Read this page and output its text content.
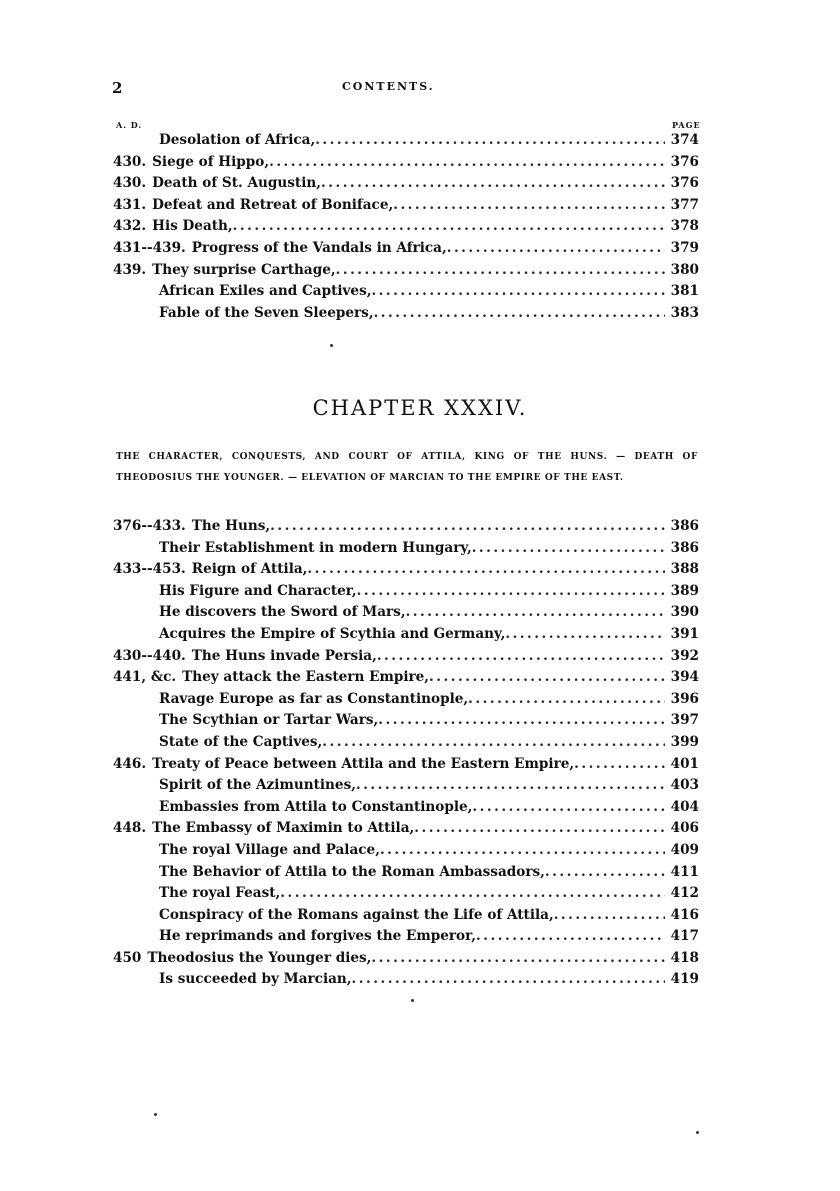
2	CONTENTS.
A. D.	PAGE
Desolation of Africa, .....	374
430. Siege of Hippo, .....	376
430. Death of St. Augustin, .....	376
431. Defeat and Retreat of Boniface, .....	377
432. His Death, .....	378
431--439. Progress of the Vandals in Africa, .....	379
439. They surprise Carthage, .....	380
African Exiles and Captives, .....	381
Fable of the Seven Sleepers, .....	383
CHAPTER XXXIV.
THE CHARACTER, CONQUESTS, AND COURT OF ATTILA, KING OF THE HUNS. — DEATH OF THEODOSIUS THE YOUNGER. — ELEVATION OF MARCIAN TO THE EMPIRE OF THE EAST.
376--433. The Huns, .....	386
Their Establishment in modern Hungary, .....	386
433--453. Reign of Attila, .....	388
His Figure and Character, .....	389
He discovers the Sword of Mars, .....	390
Acquires the Empire of Scythia and Germany, .....	391
430--440. The Huns invade Persia, .....	392
441, &c. They attack the Eastern Empire, .....	394
Ravage Europe as far as Constantinople, .....	396
The Scythian or Tartar Wars, .....	397
State of the Captives, .....	399
446. Treaty of Peace between Attila and the Eastern Empire, .....	401
Spirit of the Azimuntines, .....	403
Embassies from Attila to Constantinople, .....	404
448. The Embassy of Maximin to Attila, .....	406
The royal Village and Palace, .....	409
The Behavior of Attila to the Roman Ambassadors, .....	411
The royal Feast, .....	412
Conspiracy of the Romans against the Life of Attila, .....	416
He reprimands and forgives the Emperor, .....	417
450 Theodosius the Younger dies, .....	418
Is succeeded by Marcian, .....	419
